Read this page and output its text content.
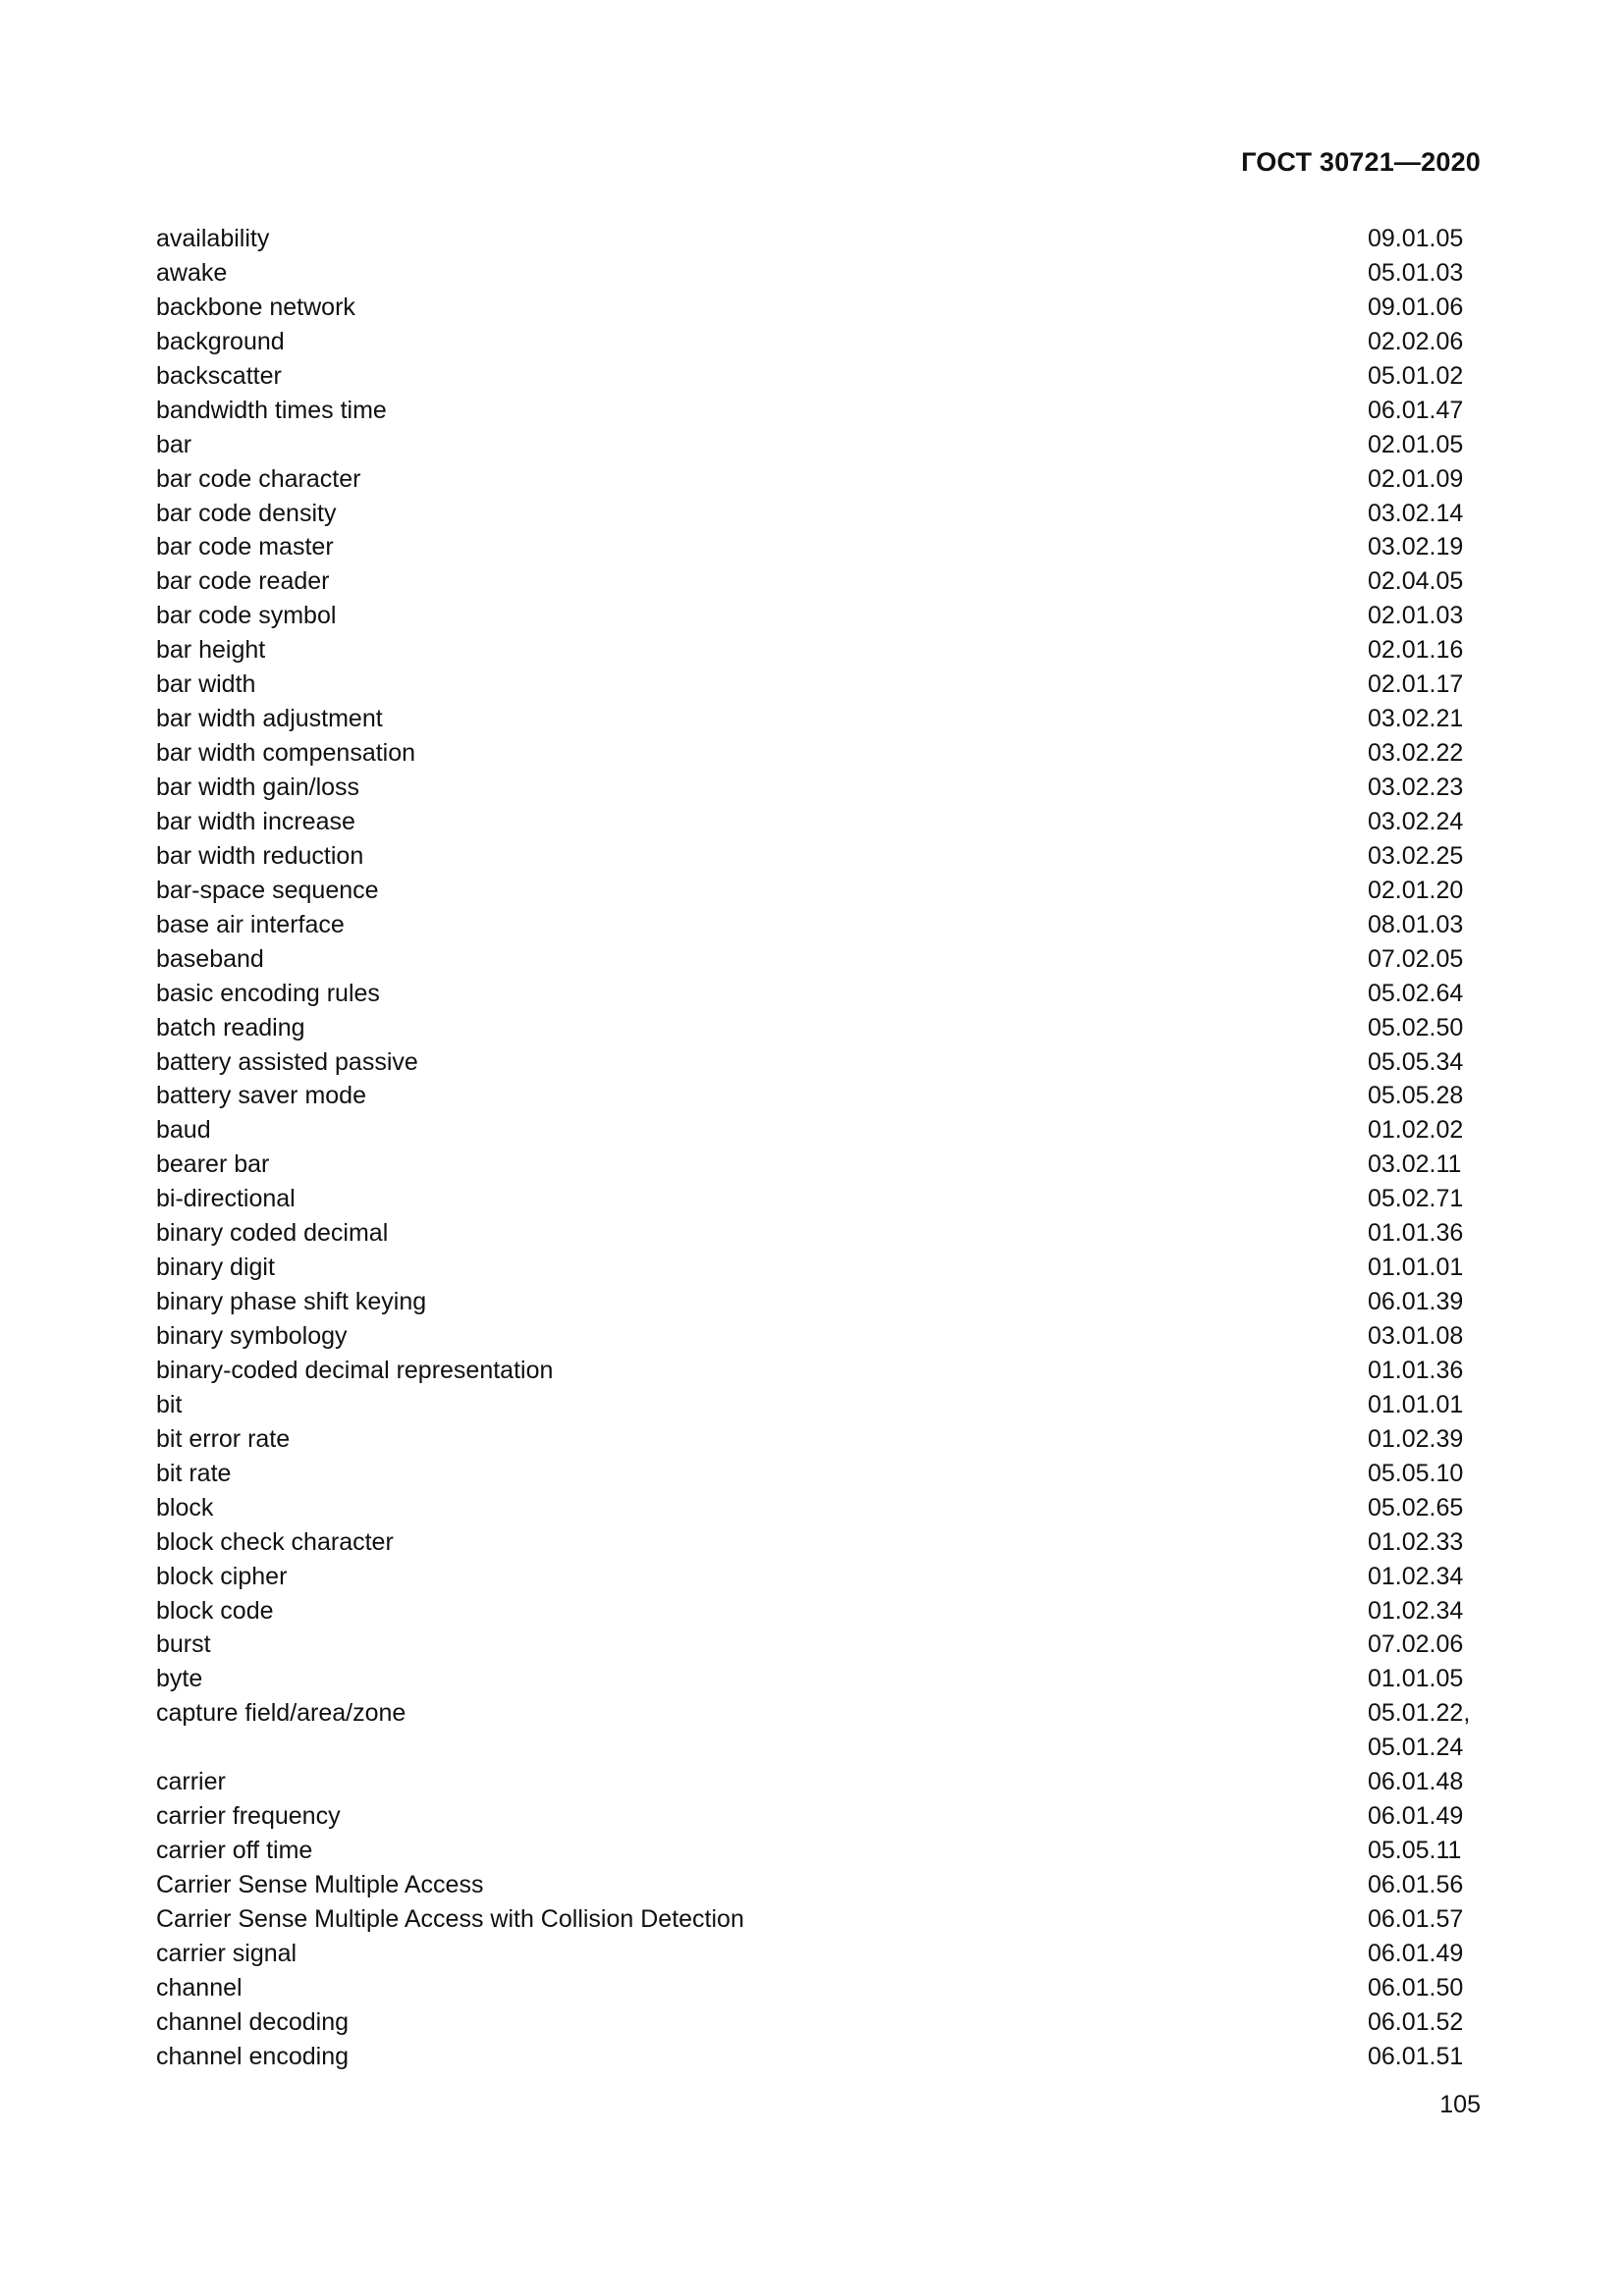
ГОСТ 30721—2020
availability	09.01.05
awake	05.01.03
backbone network	09.01.06
background	02.02.06
backscatter	05.01.02
bandwidth times time	06.01.47
bar	02.01.05
bar code character	02.01.09
bar code density	03.02.14
bar code master	03.02.19
bar code reader	02.04.05
bar code symbol	02.01.03
bar height	02.01.16
bar width	02.01.17
bar width adjustment	03.02.21
bar width compensation	03.02.22
bar width gain/loss	03.02.23
bar width increase	03.02.24
bar width reduction	03.02.25
bar-space sequence	02.01.20
base air interface	08.01.03
baseband	07.02.05
basic encoding rules	05.02.64
batch reading	05.02.50
battery assisted passive	05.05.34
battery saver mode	05.05.28
baud	01.02.02
bearer bar	03.02.11
bi-directional	05.02.71
binary coded decimal	01.01.36
binary digit	01.01.01
binary phase shift keying	06.01.39
binary symbology	03.01.08
binary-coded decimal representation	01.01.36
bit	01.01.01
bit error rate	01.02.39
bit rate	05.05.10
block	05.02.65
block check character	01.02.33
block cipher	01.02.34
block code	01.02.34
burst	07.02.06
byte	01.01.05
capture field/area/zone	05.01.22,
05.01.24
carrier	06.01.48
carrier frequency	06.01.49
carrier off time	05.05.11
Carrier Sense Multiple Access	06.01.56
Carrier Sense Multiple Access with Collision Detection	06.01.57
carrier signal	06.01.49
channel	06.01.50
channel decoding	06.01.52
channel encoding	06.01.51
105
